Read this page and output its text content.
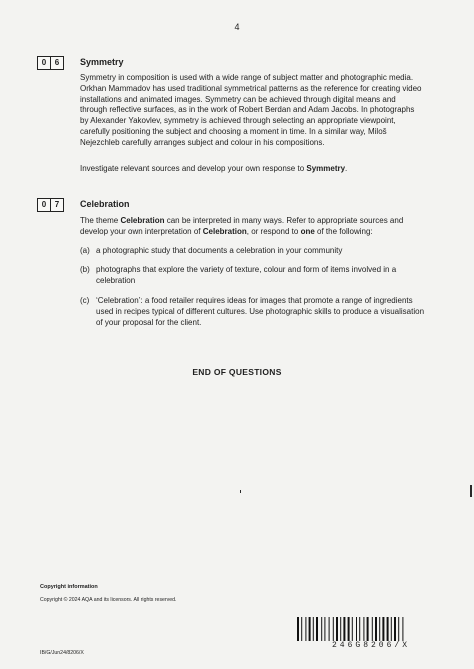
4
0	6	Symmetry
Symmetry in composition is used with a wide range of subject matter and photographic media. Orkhan Mammadov has used traditional symmetrical patterns as the reference for creating video installations and animated images. Symmetry can be achieved through digital means and through reflective surfaces, as in the work of Robert Berdan and Adam Jacobs. In photographs by Alexander Yakovlev, symmetry is achieved through selecting an appropriate viewpoint, carefully positioning the subject and choosing a moment in time. In a similar way, Miloš Nejezchleb carefully arranges subject and colour in his compositions.
Investigate relevant sources and develop your own response to Symmetry.
0	7	Celebration
The theme Celebration can be interpreted in many ways. Refer to appropriate sources and develop your own interpretation of Celebration, or respond to one of the following:
(a) a photographic study that documents a celebration in your community
(b) photographs that explore the variety of texture, colour and form of items involved in a celebration
(c) ‘Celebration’: a food retailer requires ideas for images that promote a range of ingredients used in recipes typical of different cultures. Use photographic skills to produce a visualisation of your proposal for the client.
END OF QUESTIONS
Copyright information
Copyright © 2024 AQA and its licensors. All rights reserved.
246G8206/X
IB/G/Jun24/8206/X
